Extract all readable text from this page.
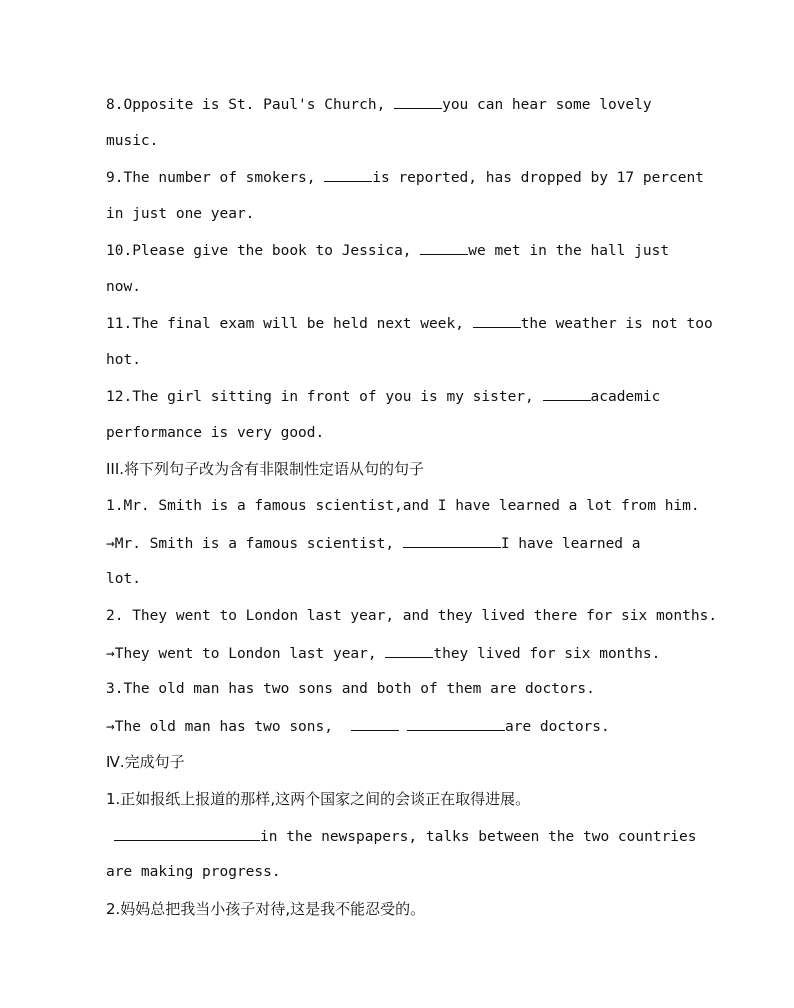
8.Opposite is St. Paul's Church,	you can hear some lovely
music.
9.The number of smokers,	is reported, has dropped by 17 percent
in just one year.
10.Please give the book to Jessica,	we met in the hall just
now.
11.The final exam will be held next week,	the weather is not too
hot.
12.The girl sitting in front of you is my sister,	academic
performance is very good.
III.将下列句子改为含有非限制性定语从句的句子
1.Mr. Smith is a famous scientist,and I have learned a lot from him.
→Mr. Smith is a famous scientist,	I have learned a
lot.
2. They went to London last year, and they lived there for six months.
→They went to London last year,	they lived for six months.
3.The old man has two sons and both of them are doctors.
→The old man has two sons,	are doctors.
Ⅳ.完成句子
1.正如报纸上报道的那样,这两个国家之间的会谈正在取得进展。
in the newspapers, talks between the two countries
are making progress.
2.妈妈总把我当小孩子对待,这是我不能忍受的。
